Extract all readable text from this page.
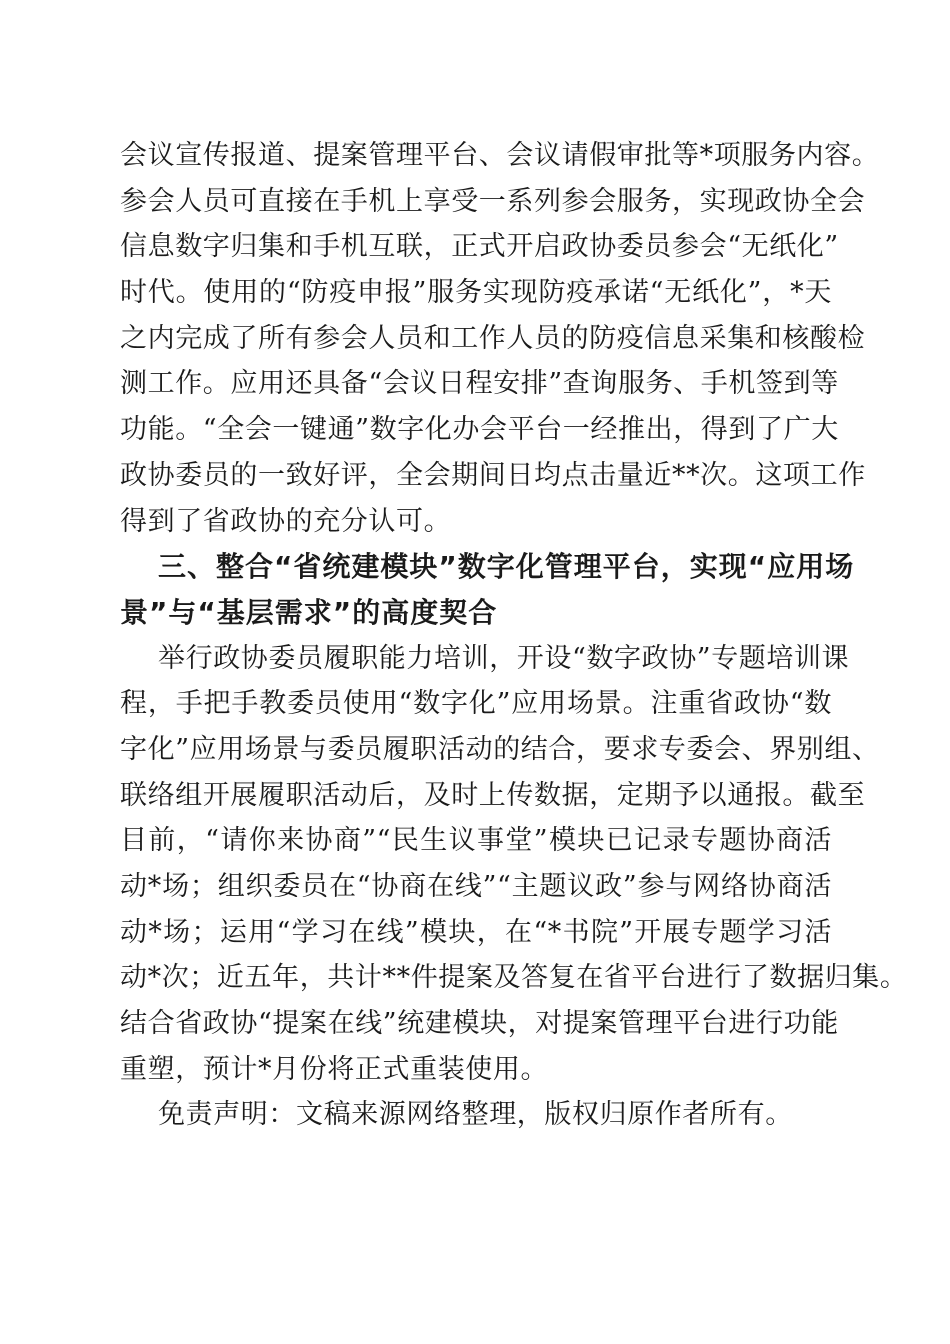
会议宣传报道、提案管理平台、会议请假审批等*项服务内容。
参会人员可直接在手机上享受一系列参会服务，实现政协全会
信息数字归集和手机互联，正式开启政协委员参会“无纸化”
时代。使用的“防疫申报”服务实现防疫承诺“无纸化”，*天
之内完成了所有参会人员和工作人员的防疫信息采集和核酸检
测工作。应用还具备“会议日程安排”查询服务、手机签到等
功能。“全会一键通”数字化办会平台一经推出，得到了广大
政协委员的一致好评，全会期间日均点击量近**次。这项工作
得到了省政协的充分认可。
三、整合“省统建模块”数字化管理平台，实现“应用场
景”与“基层需求”的高度契合
举行政协委员履职能力培训，开设“数字政协”专题培训课
程，手把手教委员使用“数字化”应用场景。注重省政协“数
字化”应用场景与委员履职活动的结合，要求专委会、界别组、
联络组开展履职活动后，及时上传数据，定期予以通报。截至
目前，“请你来协商”“民生议事堂”模块已记录专题协商活
动*场；组织委员在“协商在线”“主题议政”参与网络协商活
动*场；运用“学习在线”模块，在“*书院”开展专题学习活
动*次；近五年，共计**件提案及答复在省平台进行了数据归集。
结合省政协“提案在线”统建模块，对提案管理平台进行功能
重塑，预计*月份将正式重装使用。
免责声明：文稿来源网络整理，版权归原作者所有。
